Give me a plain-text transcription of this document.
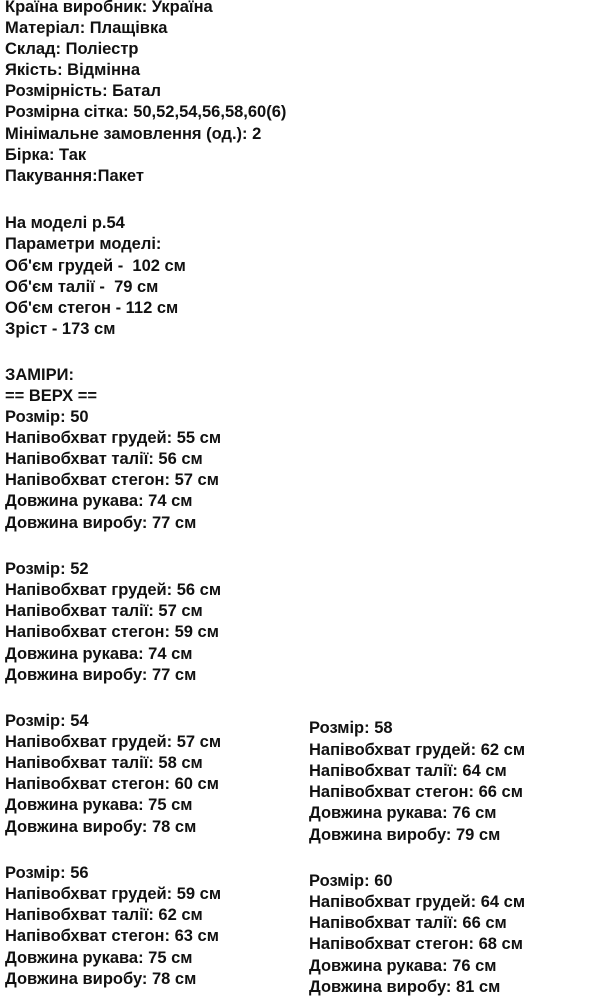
Країна виробник: Україна
Матеріал: Плащівка
Склад: Поліестр
Якість: Відмінна
Розмірність: Батал
Розмірна сітка: 50,52,54,56,58,60(6)
Мінімальне замовлення (од.): 2
Бірка: Так
Пакування:Пакет
На моделі р.54
Параметри моделі:
Об'єм грудей -  102 см
Об'єм талії -  79 см
Об'єм стегон - 112 см
Зріст - 173 см
ЗАМІРИ:
== ВЕРХ ==
Розмір: 50
Напівобхват грудей: 55 см
Напівобхват талії: 56 см
Напівобхват стегон: 57 см
Довжина рукава: 74 см
Довжина виробу: 77 см
Розмір: 52
Напівобхват грудей: 56 см
Напівобхват талії: 57 см
Напівобхват стегон: 59 см
Довжина рукава: 74 см
Довжина виробу: 77 см
Розмір: 54
Напівобхват грудей: 57 см
Напівобхват талії: 58 см
Напівобхват стегон: 60 см
Довжина рукава: 75 см
Довжина виробу: 78 см
Розмір: 56
Напівобхват грудей: 59 см
Напівобхват талії: 62 см
Напівобхват стегон: 63 см
Довжина рукава: 75 см
Довжина виробу: 78 см
Розмір: 58
Напівобхват грудей: 62 см
Напівобхват талії: 64 см
Напівобхват стегон: 66 см
Довжина рукава: 76 см
Довжина виробу: 79 см
Розмір: 60
Напівобхват грудей: 64 см
Напівобхват талії: 66 см
Напівобхват стегон: 68 см
Довжина рукава: 76 см
Довжина виробу: 81 см
